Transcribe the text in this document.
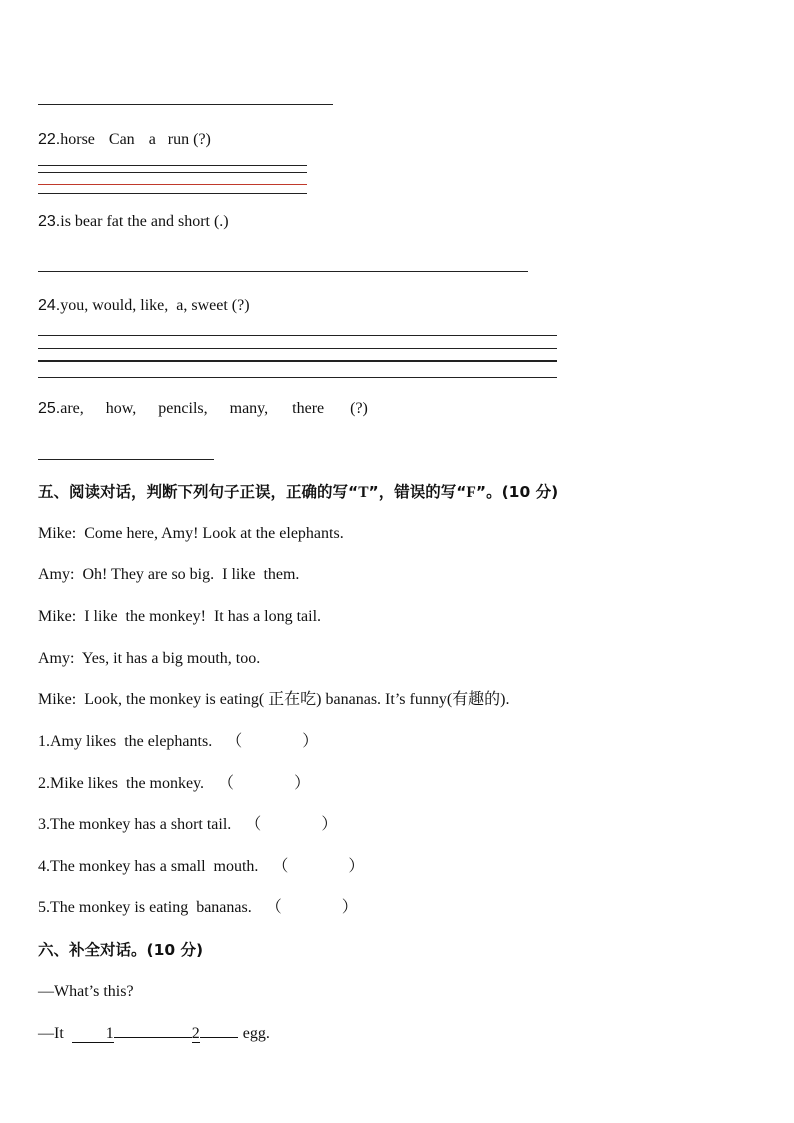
22.horse Can a run (?)
23.is bear fat the and short (.)
24.you, would, like,  a, sweet (?)
25.are, how, pencils, many, there (?)
五、阅读对话，判断下列句子正误，正确的写“T”，错误的写“F”。(10 分)
Mike:  Come here, Amy! Look at the elephants.
Amy:  Oh! They are so big.  I like  them.
Mike:  I like  the monkey!  It has a long tail.
Amy:  Yes, it has a big mouth, too.
Mike:  Look, the monkey is eating( 正在吃) bananas. It’s funny(有趣的).
1.Amy likes  the elephants. （	）
2.Mike likes  the monkey. （	）
3.The monkey has a short tail. （	）
4.The monkey has a small  mouth. （	）
5.The monkey is eating  bananas. （	）
六、补全对话。(10 分)
—What’s this?
—It	1	2	egg.
